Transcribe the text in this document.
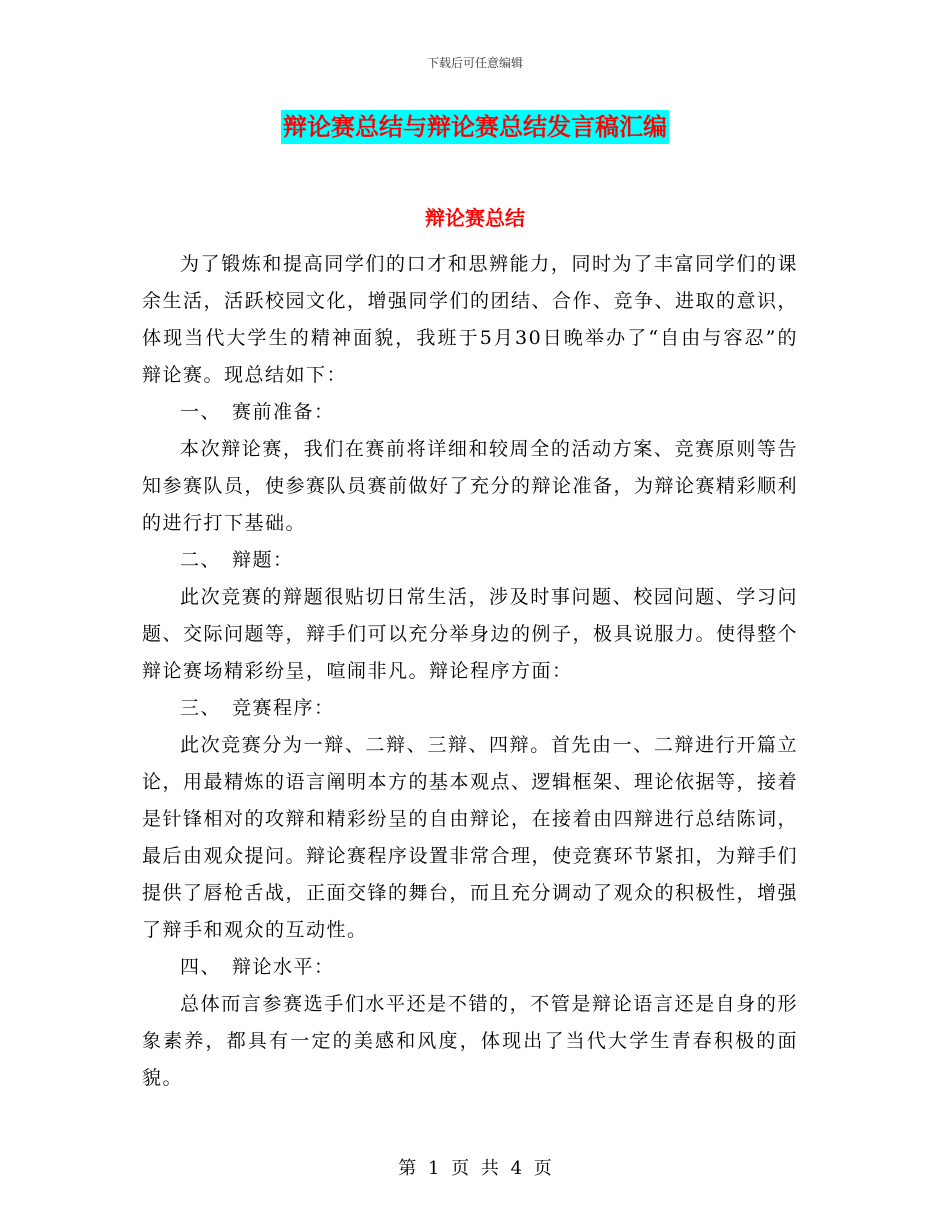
下载后可任意编辑
辩论赛总结与辩论赛总结发言稿汇编
辩论赛总结

为了锻炼和提高同学们的口才和思辨能力，同时为了丰富同学们的课余生活，活跃校园文化，增强同学们的团结、合作、竞争、进取的意识，体现当代大学生的精神面貌，我班于5月30日晚举办了“自由与容忍”的辩论赛。现总结如下：

一、　赛前准备：

本次辩论赛，我们在赛前将详细和较周全的活动方案、竞赛原则等告知参赛队员，使参赛队员赛前做好了充分的辩论准备，为辩论赛精彩顺利的进行打下基础。

二、　辩题：

此次竞赛的辩题很贴切日常生活，涉及时事问题、校园问题、学习问题、交际问题等，辩手们可以充分举身边的例子，极具说服力。使得整个辩论赛场精彩纷呈，喧闹非凡。辩论程序方面：

三、　竞赛程序：

此次竞赛分为一辩、二辩、三辩、四辩。首先由一、二辩进行开篇立论，用最精炼的语言阐明本方的基本观点、逻辑框架、理论依据等，接着是针锋相对的攻辩和精彩纷呈的自由辩论，在接着由四辩进行总结陈词，最后由观众提问。辩论赛程序设置非常合理，使竞赛环节紧扣，为辩手们提供了唇枪舌战，正面交锋的舞台，而且充分调动了观众的积极性，增强了辩手和观众的互动性。

四、　辩论水平：

总体而言参赛选手们水平还是不错的，不管是辩论语言还是自身的形象素养，都具有一定的美感和风度，体现出了当代大学生青春积极的面貌。

第 1 页 共 4 页
